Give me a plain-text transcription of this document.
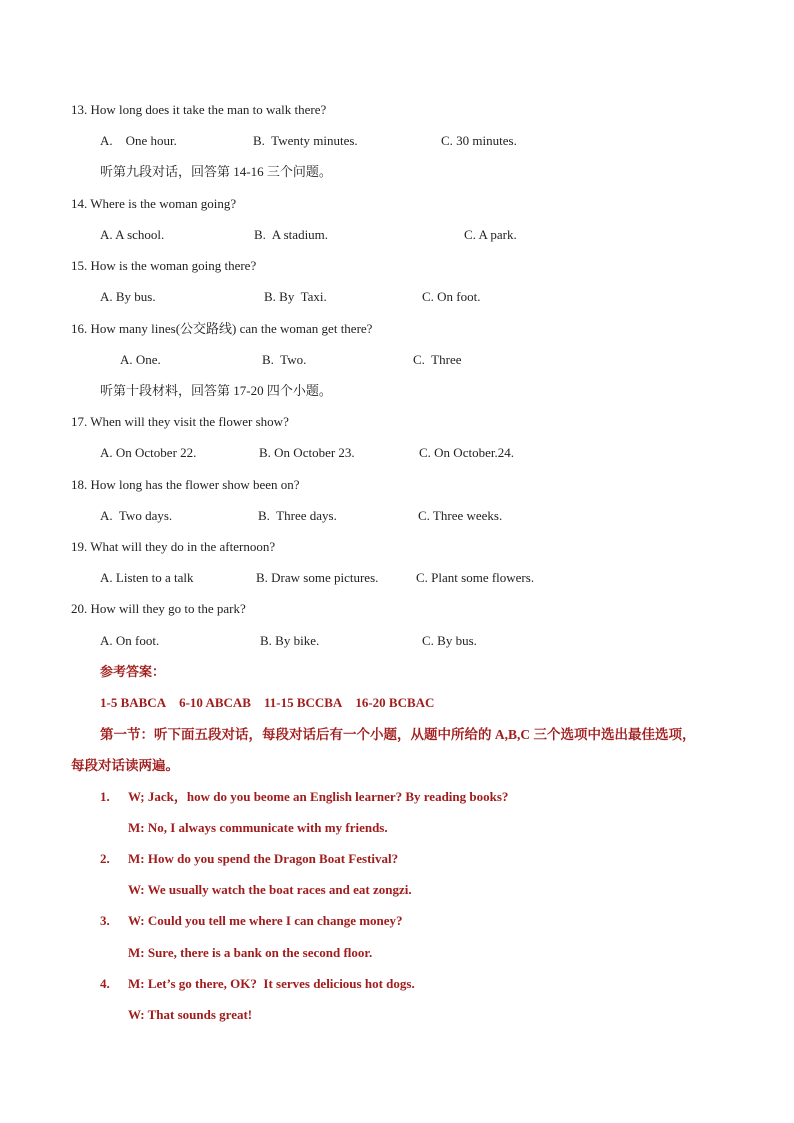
13. How long does it take the man to walk there?
A.    One hour.	B.  Twenty minutes.	C. 30 minutes.
听第九段对话，回答第 14-16 三个问题。
14. Where is the woman going?
A. A school.	B.  A stadium.	C. A park.
15. How is the woman going there?
A. By bus.	B. By  Taxi.	C. On foot.
16. How many lines(公交路线) can the woman get there?
A. One.	B.  Two.	C.  Three
听第十段材料，回答第 17-20 四个小题。
17. When will they visit the flower show?
A. On October 22.	B. On October 23.	C. On October.24.
18. How long has the flower show been on?
A.  Two days.	B.  Three days.	C. Three weeks.
19. What will they do in the afternoon?
A. Listen to a talk	B. Draw some pictures.	C. Plant some flowers.
20. How will they go to the park?
A. On foot.	B. By bike.	C. By bus.
参考答案：
1-5 BABCA    6-10 ABCAB    11-15 BCCBA    16-20 BCBAC
第一节：听下面五段对话，每段对话后有一个小题，从题中所给的 A,B,C 三个选项中选出最佳选项，
每段对话读两遍。
1. W; Jack，how do you beome an English learner? By reading books?
M: No, I always communicate with my friends.
2. M: How do you spend the Dragon Boat Festival?
W: We usually watch the boat races and eat zongzi.
3. W: Could you tell me where I can change money?
M: Sure, there is a bank on the second floor.
4. M: Let’s go there, OK?  It serves delicious hot dogs.
W: That sounds great!
